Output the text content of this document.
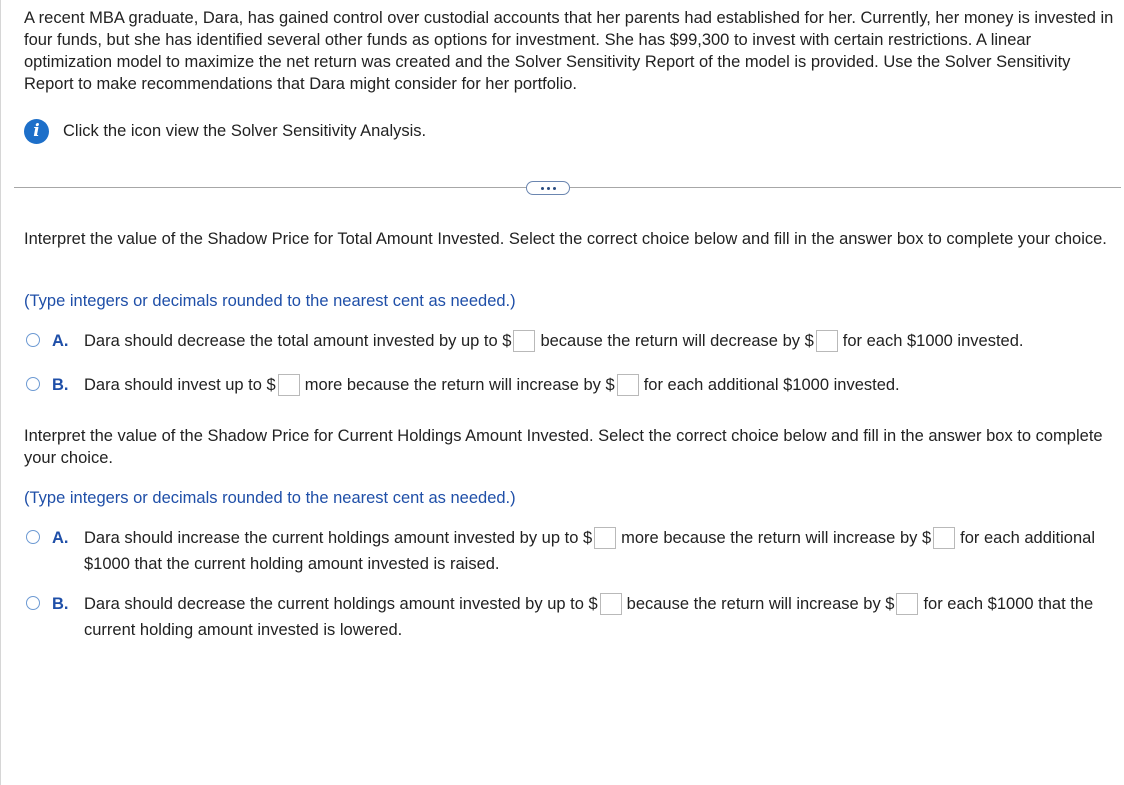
A recent MBA graduate, Dara, has gained control over custodial accounts that her parents had established for her. Currently, her money is invested in four funds, but she has identified several other funds as options for investment. She has $99,300 to invest with certain restrictions. A linear optimization model to maximize the net return was created and the Solver Sensitivity Report of the model is provided. Use the Solver Sensitivity Report to make recommendations that Dara might consider for her portfolio.

i	Click the icon view the Solver Sensitivity Analysis.

Interpret the value of the Shadow Price for Total Amount Invested. Select the correct choice below and fill in the answer box to complete your choice.

(Type integers or decimals rounded to the nearest cent as needed.)
A. Dara should decrease the total amount invested by up to $ because the return will decrease by $ for each $1000 invested.
B. Dara should invest up to $ more because the return will increase by $ for each additional $1000 invested.

Interpret the value of the Shadow Price for Current Holdings Amount Invested. Select the correct choice below and fill in the answer box to complete your choice.

(Type integers or decimals rounded to the nearest cent as needed.)
A. Dara should increase the current holdings amount invested by up to $ more because the return will increase by $ for each additional $1000 that the current holding amount invested is raised.
B. Dara should decrease the current holdings amount invested by up to $ because the return will increase by $ for each $1000 that the current holding amount invested is lowered.
